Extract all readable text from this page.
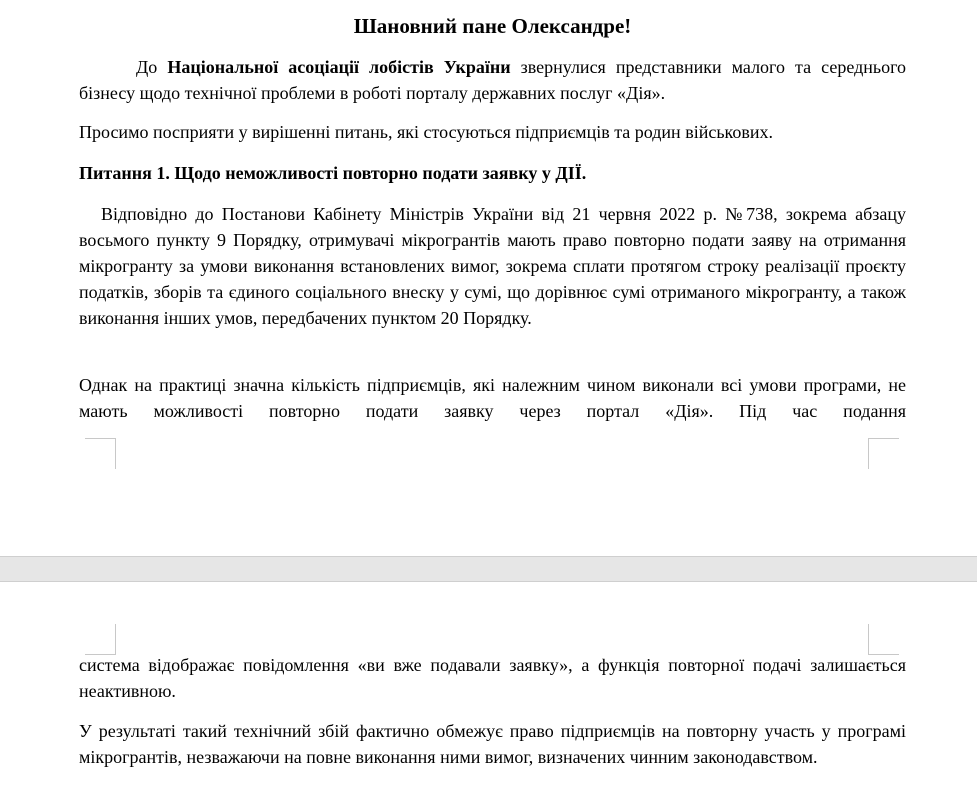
Шановний пане Олександре!

До Національної асоціації лобістів України звернулися представники малого та середнього бізнесу щодо технічної проблеми в роботі порталу державних послуг «Дія».

Просимо посприяти у вирішенні питань, які стосуються підприємців та родин військових.

Питання 1. Щодо неможливості повторно подати заявку у ДІЇ.

Відповідно до Постанови Кабінету Міністрів України від 21 червня 2022 р. №738, зокрема абзацу восьмого пункту 9 Порядку, отримувачі мікрогрантів мають право повторно подати заяву на отримання мікрогранту за умови виконання встановлених вимог, зокрема сплати протягом строку реалізації проєкту податків, зборів та єдиного соціального внеску у сумі, що дорівнює сумі отриманого мікрогранту, а також виконання інших умов, передбачених пунктом 20 Порядку.

Однак на практиці значна кількість підприємців, які належним чином виконали всі умови програми, не мають можливості повторно подати заявку через портал «Дія». Під час подання

система відображає повідомлення «ви вже подавали заявку», а функція повторної подачі залишається неактивною.

У результаті такий технічний збій фактично обмежує право підприємців на повторну участь у програмі мікрогрантів, незважаючи на повне виконання ними вимог, визначених чинним законодавством.
